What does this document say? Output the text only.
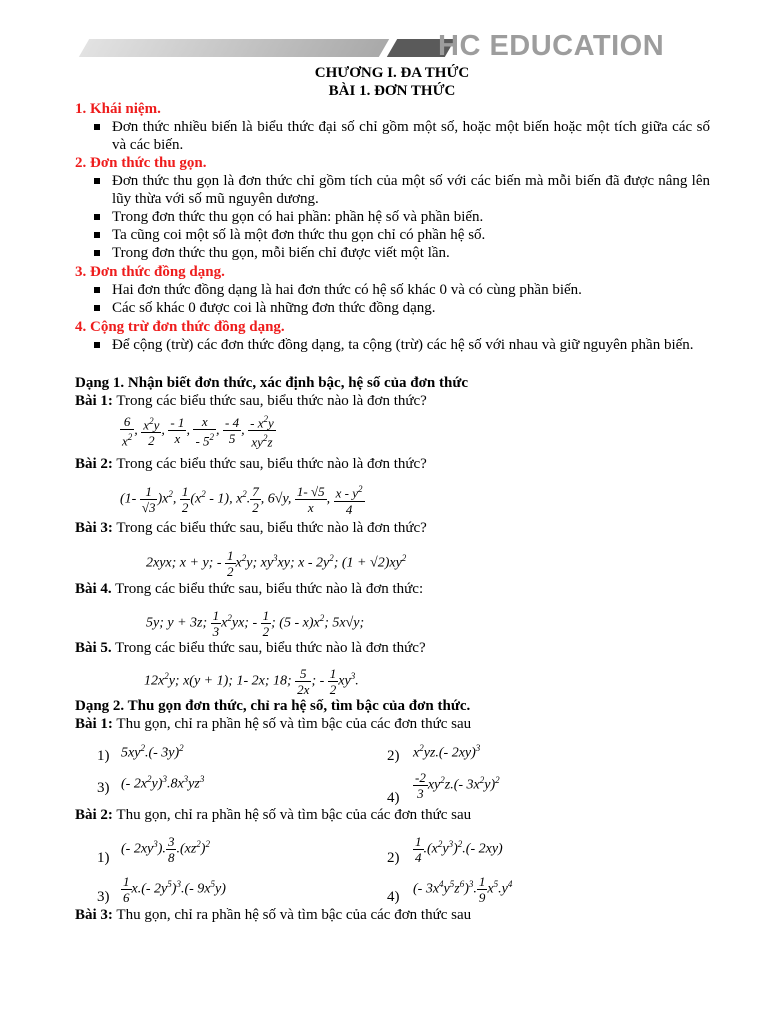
HC EDUCATION
CHƯƠNG I. ĐA THỨC
BÀI 1. ĐƠN THỨC
1. Khái niệm.
Đơn thức nhiều biến là biểu thức đại số chỉ gồm một số, hoặc một biến hoặc một tích giữa các số và các biến.
2. Đơn thức thu gọn.
Đơn thức thu gọn là đơn thức chỉ gồm tích của một số với các biến mà mỗi biến đã được nâng lên lũy thừa với số mũ nguyên dương.
Trong đơn thức thu gọn có hai phần: phần hệ số và phần biến.
Ta cũng coi một số là một đơn thức thu gọn chỉ có phần hệ số.
Trong đơn thức thu gọn, mỗi biến chỉ được viết một lần.
3. Đơn thức đồng dạng.
Hai đơn thức đồng dạng là hai đơn thức có hệ số khác 0 và có cùng phần biến.
Các số khác 0 được coi là những đơn thức đồng dạng.
4. Cộng trừ đơn thức đồng dạng.
Để cộng (trừ) các đơn thức đồng dạng, ta cộng (trừ) các hệ số với nhau và giữ nguyên phần biến.
Dạng 1. Nhận biết đơn thức, xác định bậc, hệ số của đơn thức
Bài 1: Trong các biểu thức sau, biểu thức nào là đơn thức?
$\frac{6}{x^2}$ , $\frac{x^2y}{2}$ , $\frac{- 1}{x}$ , $\frac{x}{- 5^2}$ , $\frac{- 4}{5}$ , $\frac{- x^2y}{xy^2z}$
Bài 2: Trong các biểu thức sau, biểu thức nào là đơn thức?
$(1- \frac{1}{√3} )x^2$, $\frac{1}{2} (x^2 - 1)$, $x^2$. $\frac{7}{2}$ , 6√y, $\frac{1- √5}{x}$ , $\frac{x - y^2}{4}$
Bài 3: Trong các biểu thức sau, biểu thức nào là đơn thức?
2xyx; x + y; - $\frac{1}{2} x^2y$; $xy^3xy$; x - $2y^2$; $(1 + √2)xy^2$
Bài 4. Trong các biểu thức sau, biểu thức nào là đơn thức:
5y; y + 3z; $\frac{1}{3} x^2yx$; - $\frac{1}{2}$ ; $(5 - x)x^2$; 5x√y;
Bài 5. Trong các biểu thức sau, biểu thức nào là đơn thức?
$12x^2y$; x(y + 1); 1- 2x; 18; $\frac{5}{2x}$ ; - $\frac{1}{2} xy^3$.
Dạng 2. Thu gọn đơn thức, chỉ ra hệ số, tìm bậc của đơn thức.
Bài 1: Thu gọn, chỉ ra phần hệ số và tìm bậc của các đơn thức sau
1) $5xy^2.(-$ 3y)$^2$	2) $x^2yz.(-$ 2xy)$^3$
3) (- $2x^2y)^3.8x^3yz^3$
$4) \frac{-2}{3} xy^2z.(-$ $3x^2y)^2$
Bài 2: Thu gọn, chỉ ra phần hệ số và tìm bậc của các đơn thức sau
1)
(- $2xy^3$). $\frac{3}{8} .(xz^2)^2$
$2) \frac{1}{4} .(x^2y^3)^2.(-$ 2xy)
$3) \frac{1}{6} x.(-$ $2y^5)^3.(-$ $9x^5y$)	4) (- $3x^4y^5z^6)^3$. $\frac{1}{9} x^5.y^4$
Bài 3: Thu gọn, chỉ ra phần hệ số và tìm bậc của các đơn thức sau
